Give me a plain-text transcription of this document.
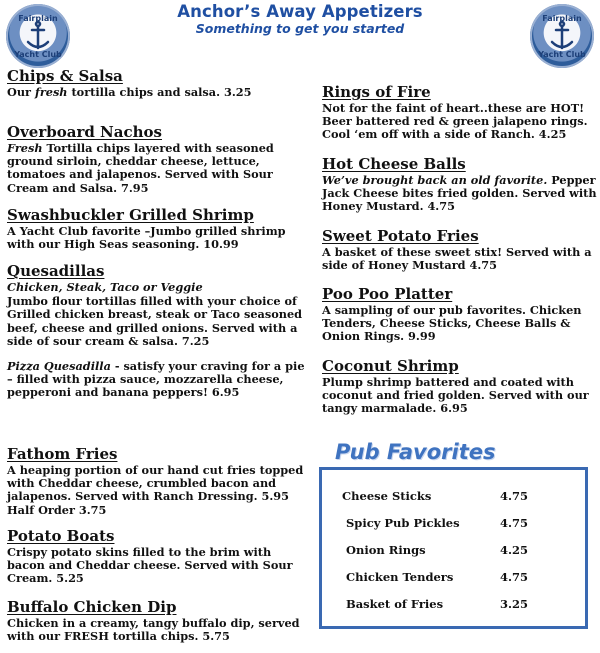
Fairplain
Yacht Club
Fairplain
Yacht Club
Anchor’s Away Appetizers
Something to get you started
Chips & Salsa
Our fresh tortilla chips and salsa. 3.25
Overboard Nachos
Fresh Tortilla chips layered with seasoned ground sirloin, cheddar cheese, lettuce, tomatoes and jalapenos. Served with Sour Cream and Salsa. 7.95
Swashbuckler Grilled Shrimp
A Yacht Club favorite –Jumbo grilled shrimp with our High Seas seasoning. 10.99
Quesadillas
Chicken, Steak, Taco or Veggie
Jumbo flour tortillas filled with your choice of Grilled chicken breast, steak or Taco seasoned beef, cheese and grilled onions. Served with a side of sour cream & salsa. 7.25
Pizza Quesadilla - satisfy your craving for a pie – filled with pizza sauce, mozzarella cheese, pepperoni and banana peppers! 6.95
Fathom Fries
A heaping portion of our hand cut fries topped with Cheddar cheese, crumbled bacon and jalapenos. Served with Ranch Dressing. 5.95 Half Order 3.75
Potato Boats
Crispy potato skins filled to the brim with bacon and Cheddar cheese. Served with Sour Cream. 5.25
Buffalo Chicken Dip
Chicken in a creamy, tangy buffalo dip, served with our FRESH tortilla chips. 5.75
Rings of Fire
Not for the faint of heart..these are HOT! Beer battered red & green jalapeno rings. Cool ‘em off with a side of Ranch. 4.25
Hot Cheese Balls
We’ve brought back an old favorite. Pepper Jack Cheese bites fried golden. Served with Honey Mustard. 4.75
Sweet Potato Fries
A basket of these sweet stix! Served with a side of Honey Mustard 4.75
Poo Poo Platter
A sampling of our pub favorites. Chicken Tenders, Cheese Sticks, Cheese Balls & Onion Rings. 9.99
Coconut Shrimp
Plump shrimp battered and coated with coconut and fried golden. Served with our tangy marmalade. 6.95
Pub Favorites
Cheese Sticks	4.75
Spicy Pub Pickles	4.75
Onion Rings	4.25
Chicken Tenders	4.75
Basket of Fries	3.25
